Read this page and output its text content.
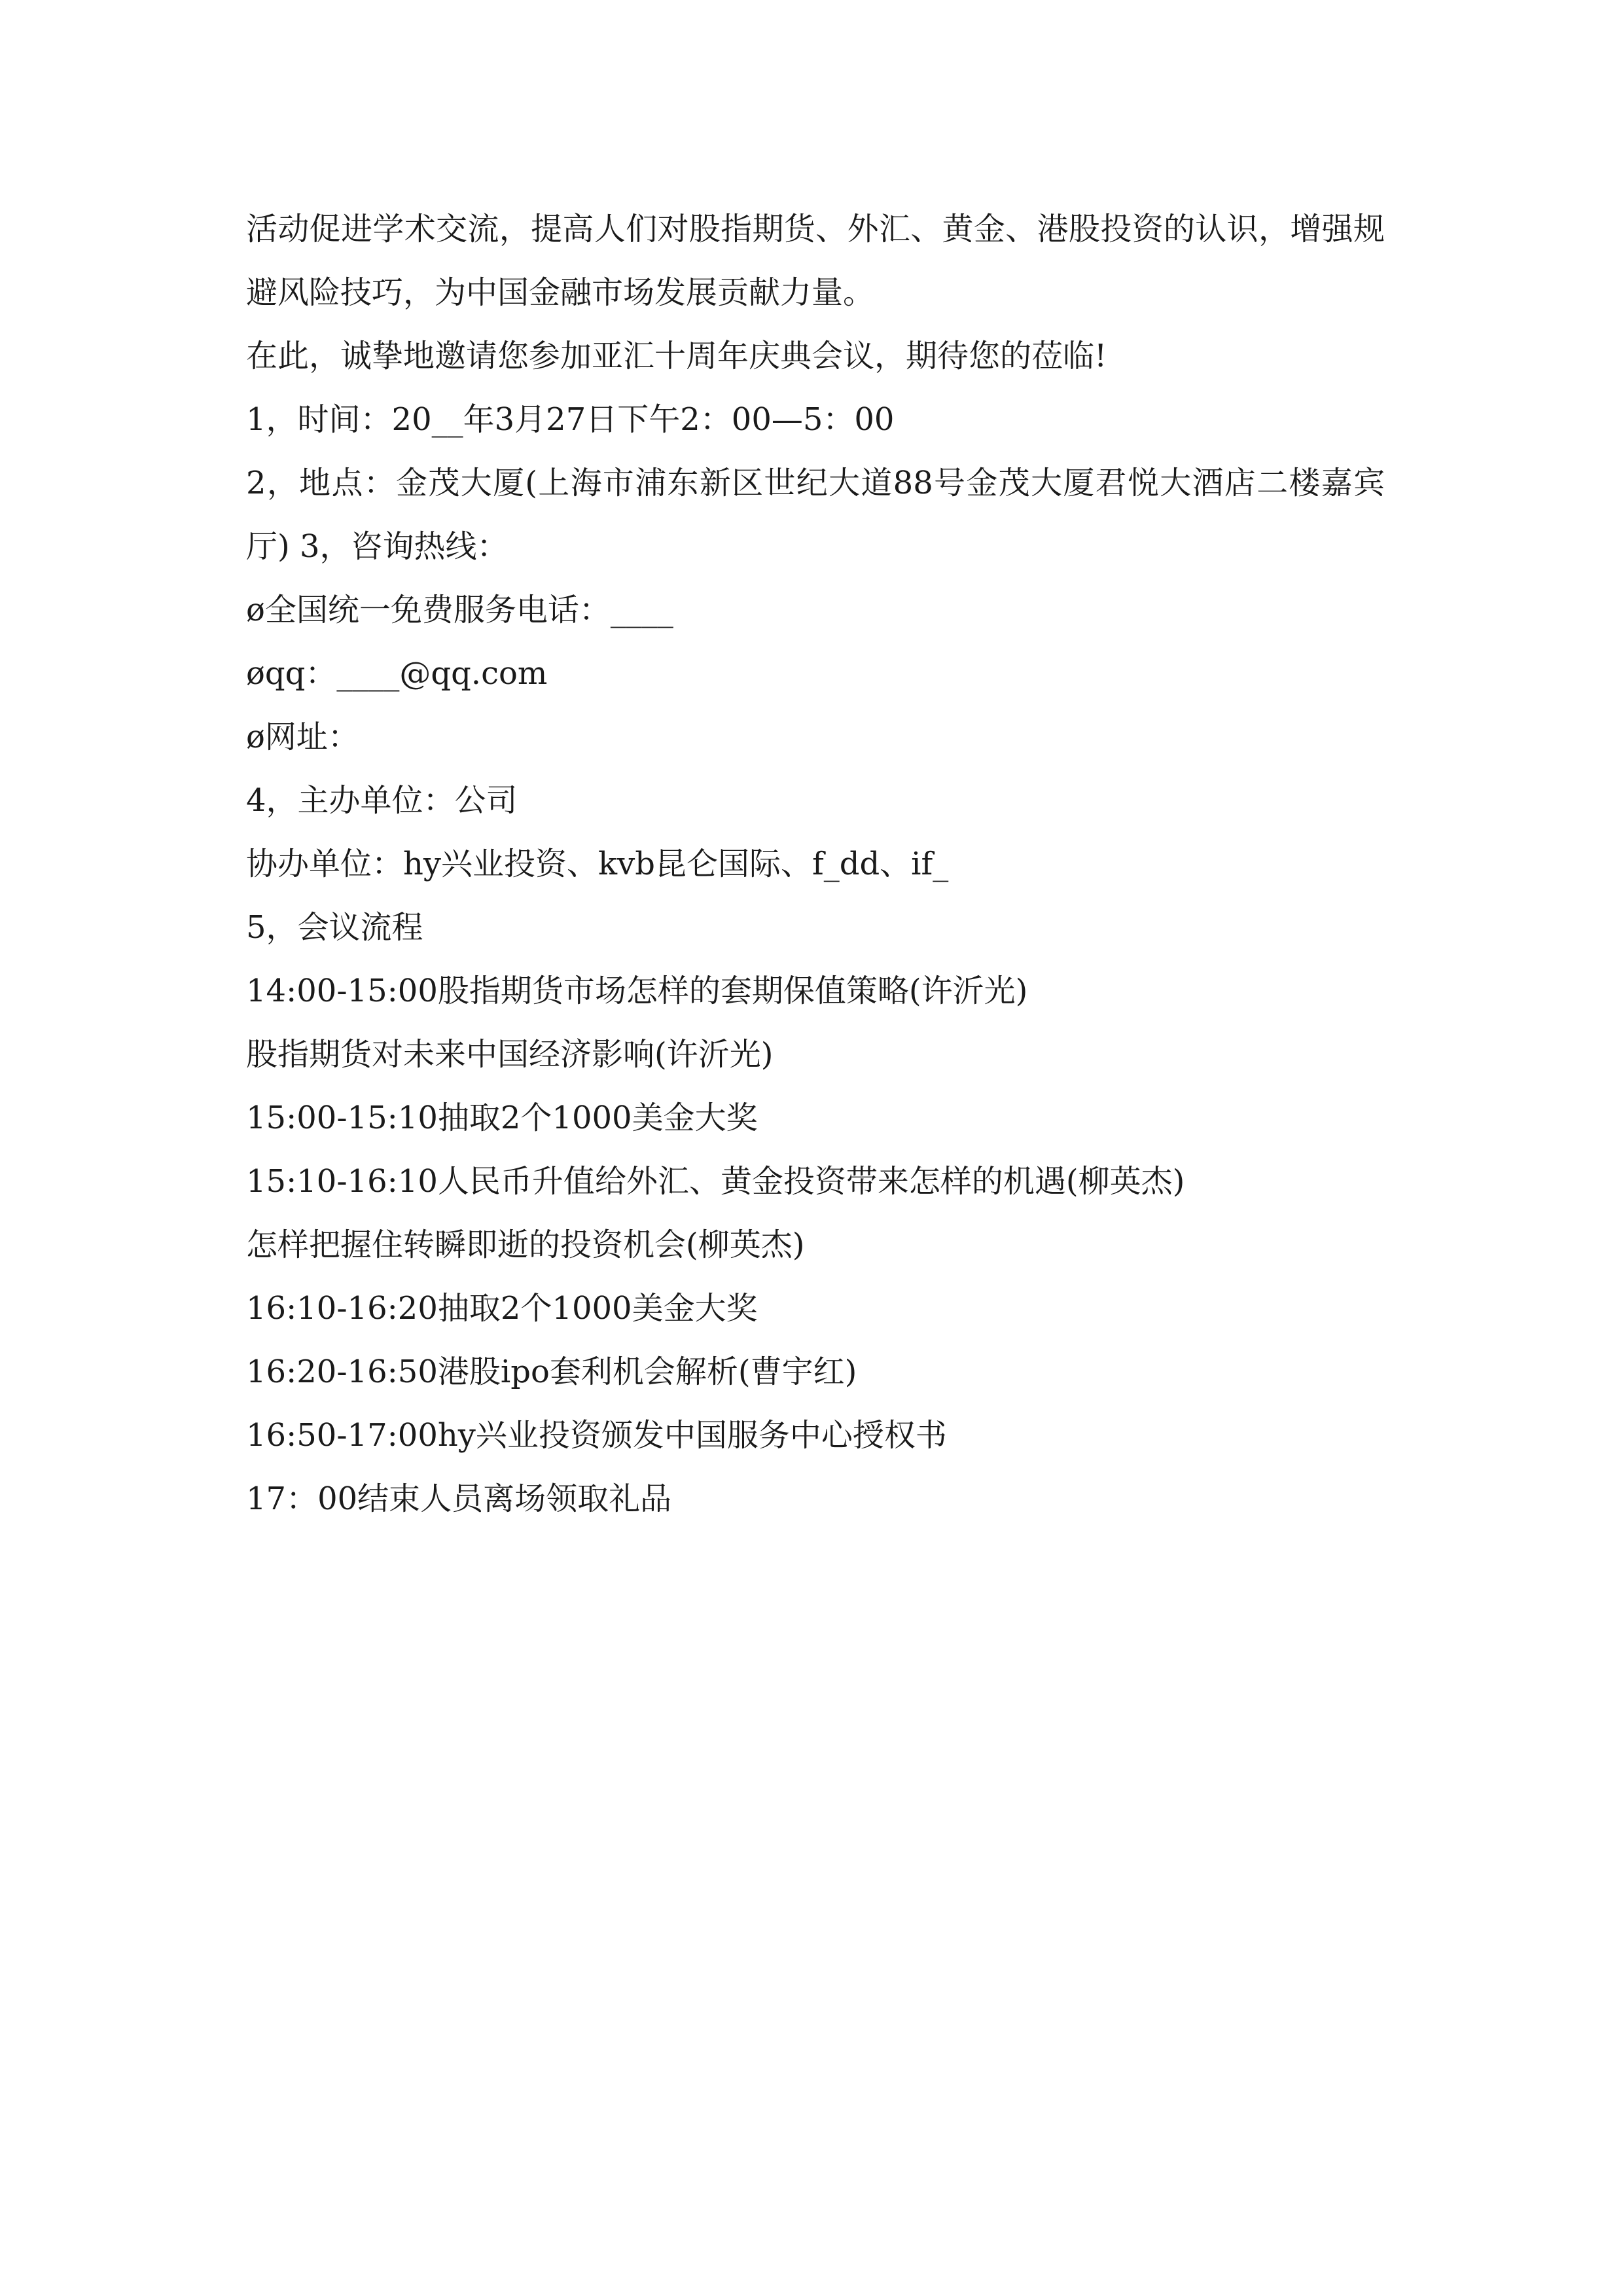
活动促进学术交流，提高人们对股指期货、外汇、黄金、港股投资的认识，增强规避风险技巧，为中国金融市场发展贡献力量。
在此，诚挚地邀请您参加亚汇十周年庆典会议，期待您的莅临!
1，时间：20__年3月27日下午2：00—5：00
2，地点：金茂大厦(上海市浦东新区世纪大道88号金茂大厦君悦大酒店二楼嘉宾厅) 3，咨询热线：
ø全国统一免费服务电话：____
øqq：____@qq.com
ø网址：
4，主办单位：公司
协办单位：hy兴业投资、kvb昆仑国际、f_dd、if_
5，会议流程
14:00-15:00股指期货市场怎样的套期保值策略(许沂光)
股指期货对未来中国经济影响(许沂光)
15:00-15:10抽取2个1000美金大奖
15:10-16:10人民币升值给外汇、黄金投资带来怎样的机遇(柳英杰)
怎样把握住转瞬即逝的投资机会(柳英杰)
16:10-16:20抽取2个1000美金大奖
16:20-16:50港股ipo套利机会解析(曹宇红)
16:50-17:00hy兴业投资颁发中国服务中心授权书
17：00结束人员离场领取礼品
